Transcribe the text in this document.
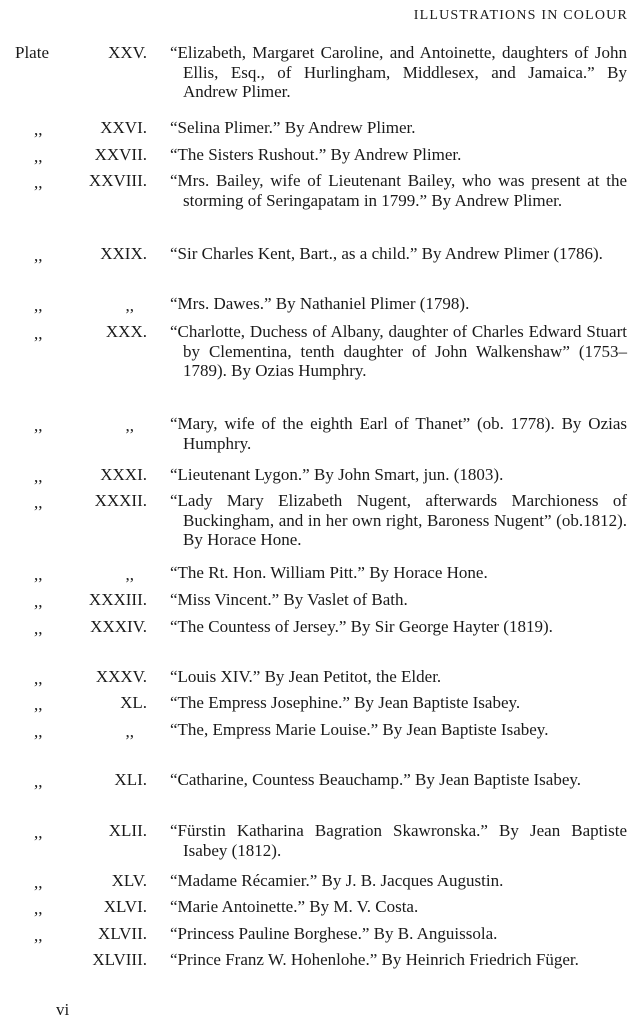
ILLUSTRATIONS IN COLOUR
Plate	XXV. “Elizabeth, Margaret Caroline, and Antoinette, daughters of John Ellis, Esq., of Hurlingham, Middlesex, and Jamaica.” By Andrew Plimer.
,,	XXVI. “Selina Plimer.” By Andrew Plimer.
,,	XXVII. “The Sisters Rushout.” By Andrew Plimer.
,,	XXVIII. “Mrs. Bailey, wife of Lieutenant Bailey, who was present at the storming of Seringapatam in 1799.” By Andrew Plimer.
,,	XXIX. “Sir Charles Kent, Bart., as a child.” By Andrew Plimer (1786).
,,	,, “Mrs. Dawes.” By Nathaniel Plimer (1798).
,,	XXX. “Charlotte, Duchess of Albany, daughter of Charles Edward Stuart by Clementina, tenth daughter of John Walkenshaw” (1753–1789). By Ozias Humphry.
,,	,, “Mary, wife of the eighth Earl of Thanet” (ob. 1778). By Ozias Humphry.
,,	XXXI. “Lieutenant Lygon.” By John Smart, jun. (1803).
,,	XXXII. “Lady Mary Elizabeth Nugent, afterwards Marchioness of Buckingham, and in her own right, Baroness Nugent” (ob.1812). By Horace Hone.
,,	,, “The Rt. Hon. William Pitt.” By Horace Hone.
,,	XXXIII. “Miss Vincent.” By Vaslet of Bath.
,,	XXXIV. “The Countess of Jersey.” By Sir George Hayter (1819).
,,	XXXV. “Louis XIV.” By Jean Petitot, the Elder.
,,	XL. “The Empress Josephine.” By Jean Baptiste Isabey.
,,	,, “The, Empress Marie Louise.” By Jean Baptiste Isabey.
,,	XLI. “Catharine, Countess Beauchamp.” By Jean Baptiste Isabey.
,,	XLII. “Fürstin Katharina Bagration Skawronska.” By Jean Baptiste Isabey (1812).
,,	XLV. “Madame Récamier.” By J. B. Jacques Augustin.
,,	XLVI. “Marie Antoinette.” By M. V. Costa.
,,	XLVII. “Princess Pauline Borghese.” By B. Anguissola.
XLVIII. “Prince Franz W. Hohenlohe.” By Heinrich Friedrich Füger.
vi
